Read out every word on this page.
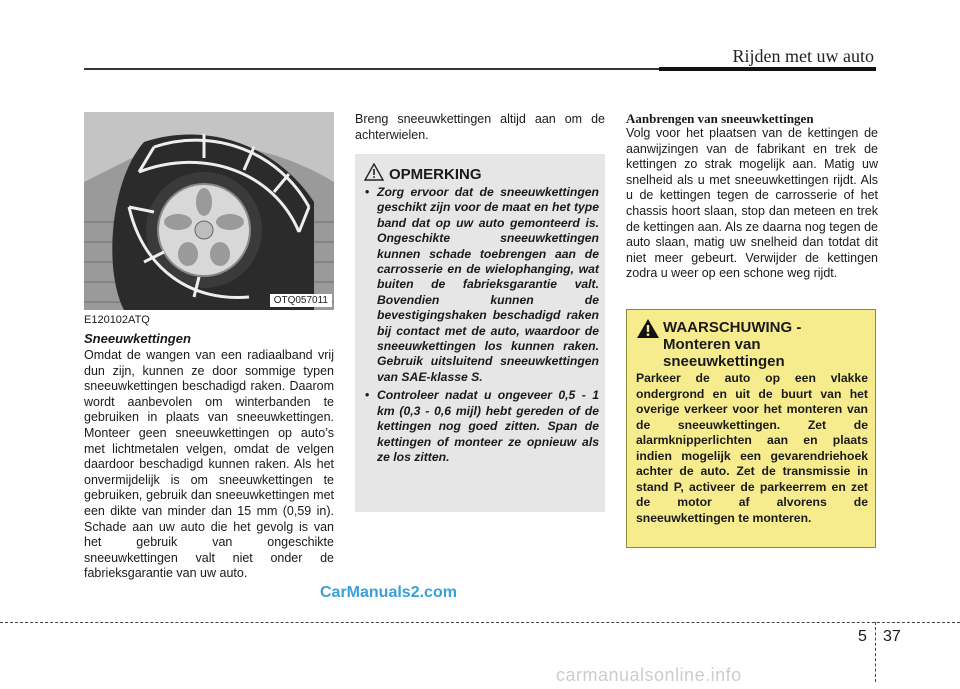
Rijden met uw auto
OTQ057011
E120102ATQ
Sneeuwkettingen
Omdat de wangen van een radiaalband vrij dun zijn, kunnen ze door sommige typen sneeuwkettingen beschadigd raken. Daarom wordt aanbevolen om winterbanden te gebruiken in plaats van sneeuwkettingen. Monteer geen sneeuwkettingen op auto’s met lichtmetalen velgen, omdat de velgen daardoor beschadigd kunnen raken. Als het onvermijdelijk is om sneeuwkettingen te gebruiken, gebruik dan sneeuwkettingen met een dikte van minder dan 15 mm (0,59 in). Schade aan uw auto die het gevolg is van het gebruik van ongeschikte sneeuwkettingen valt niet onder de fabrieksgarantie van uw auto.
Breng sneeuwkettingen altijd aan om de achterwielen.
OPMERKING
• Zorg ervoor dat de sneeuwkettingen geschikt zijn voor de maat en het type band dat op uw auto gemonteerd is. Ongeschikte sneeuwkettingen kunnen schade toebrengen aan de carrosserie en de wielophanging, wat buiten de fabrieksgarantie valt. Bovendien kunnen de bevestigingshaken beschadigd raken bij contact met de auto, waardoor de sneeuwkettingen los kunnen raken. Gebruik uitsluitend sneeuwkettingen van SAE-klasse S.
• Controleer nadat u ongeveer 0,5 - 1 km (0,3 - 0,6 mijl) hebt gereden of de kettingen nog goed zitten. Span de kettingen of monteer ze opnieuw als ze los zitten.
Aanbrengen van sneeuwkettingen
Volg voor het plaatsen van de kettingen de aanwijzingen van de fabrikant en trek de kettingen zo strak mogelijk aan. Matig uw snelheid als u met sneeuwkettingen rijdt. Als u de kettingen tegen de carrosserie of het chassis hoort slaan, stop dan meteen en trek de kettingen aan. Als ze daarna nog tegen de auto slaan, matig uw snelheid dan totdat dit niet meer gebeurt. Verwijder de kettingen zodra u weer op een schone weg rijdt.
WAARSCHUWING -
Monteren van sneeuwkettingen
Parkeer de auto op een vlakke ondergrond en uit de buurt van het overige verkeer voor het monteren van de sneeuwkettingen. Zet de alarmknipperlichten aan en plaats indien mogelijk een gevarendriehoek achter de auto. Zet de transmissie in stand P, activeer de parkeerrem en zet de motor af alvorens de sneeuwkettingen te monteren.
CarManuals2.com
5 37
carmanualsonline.info
